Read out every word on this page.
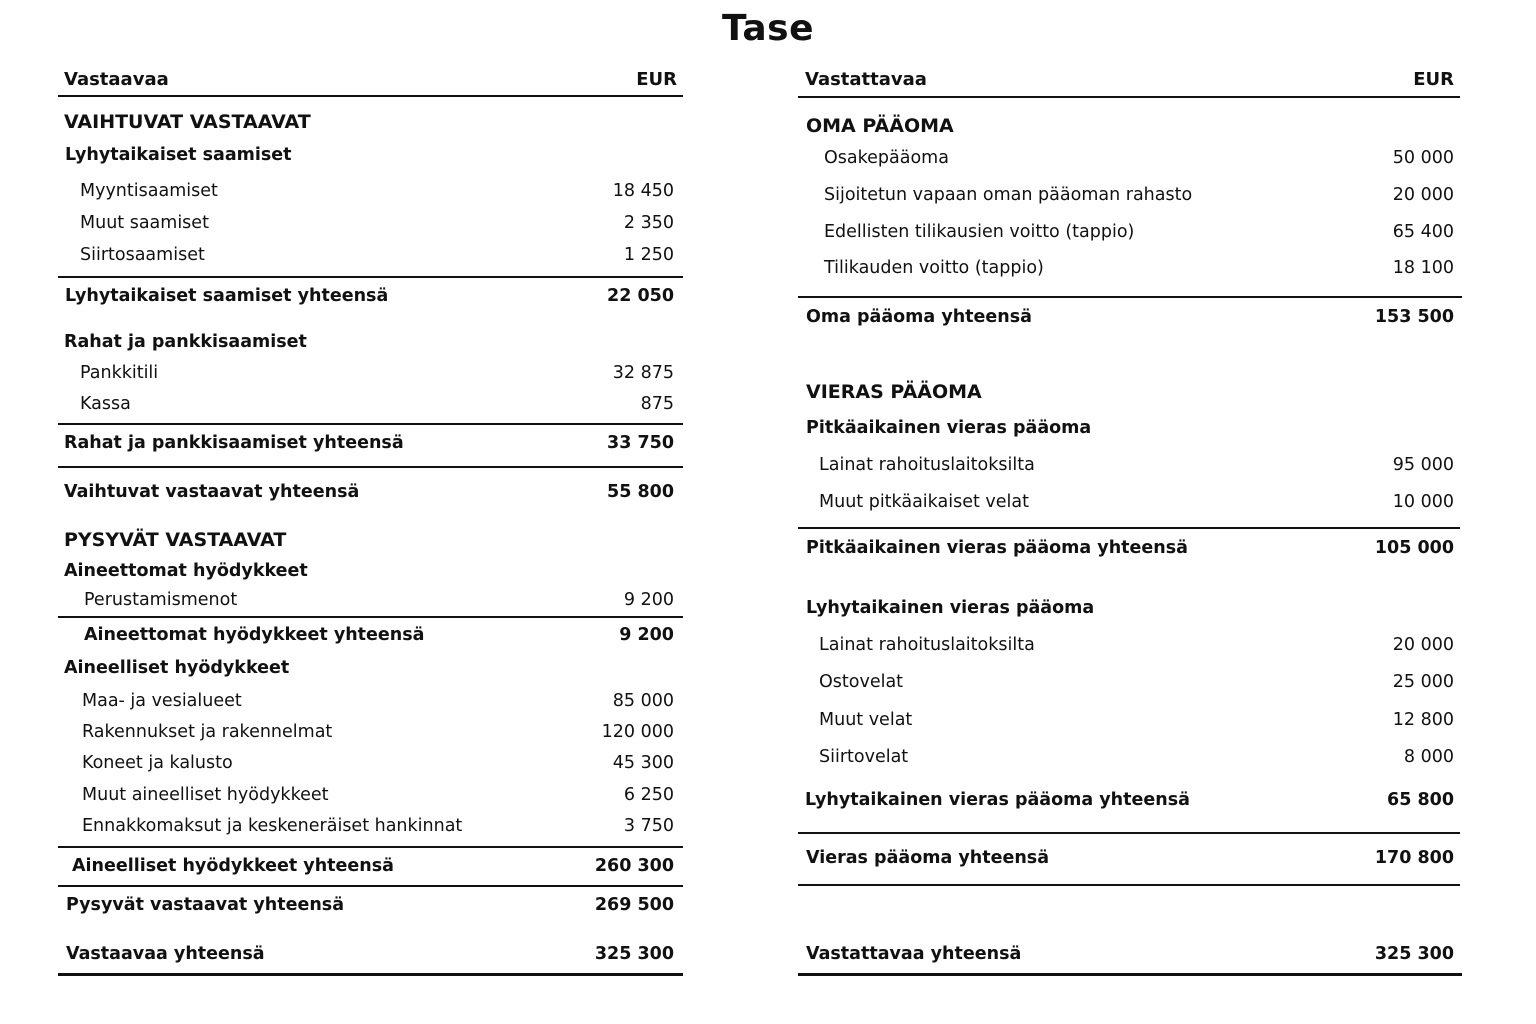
Tase
Vastaavaa	EUR
VAIHTUVAT VASTAAVAT
Lyhytaikaiset saamiset
Myyntisaamiset	18 450
Muut saamiset	2 350
Siirtosaamiset	1 250
Lyhytaikaiset saamiset yhteensä	22 050
Rahat ja pankkisaamiset
Pankkitili	32 875
Kassa	875
Rahat ja pankkisaamiset yhteensä	33 750
Vaihtuvat vastaavat yhteensä	55 800
PYSYVÄT VASTAAVAT
Aineettomat hyödykkeet
Perustamismenot	9 200
Aineettomat hyödykkeet yhteensä	9 200
Aineelliset hyödykkeet
Maa- ja vesialueet	85 000
Rakennukset ja rakennelmat	120 000
Koneet ja kalusto	45 300
Muut aineelliset hyödykkeet	6 250
Ennakkomaksut ja keskeneräiset hankinnat	3 750
Aineelliset hyödykkeet yhteensä	260 300
Pysyvät vastaavat yhteensä	269 500
Vastaavaa yhteensä	325 300
Vastattavaa	EUR
OMA PÄÄOMA
Osakepääoma	50 000
Sijoitetun vapaan oman pääoman rahasto	20 000
Edellisten tilikausien voitto (tappio)	65 400
Tilikauden voitto (tappio)	18 100
Oma pääoma yhteensä	153 500
VIERAS PÄÄOMA
Pitkäaikainen vieras pääoma
Lainat rahoituslaitoksilta	95 000
Muut pitkäaikaiset velat	10 000
Pitkäaikainen vieras pääoma yhteensä	105 000
Lyhytaikainen vieras pääoma
Lainat rahoituslaitoksilta	20 000
Ostovelat	25 000
Muut velat	12 800
Siirtovelat	8 000
Lyhytaikainen vieras pääoma yhteensä	65 800
Vieras pääoma yhteensä	170 800
Vastattavaa yhteensä	325 300
